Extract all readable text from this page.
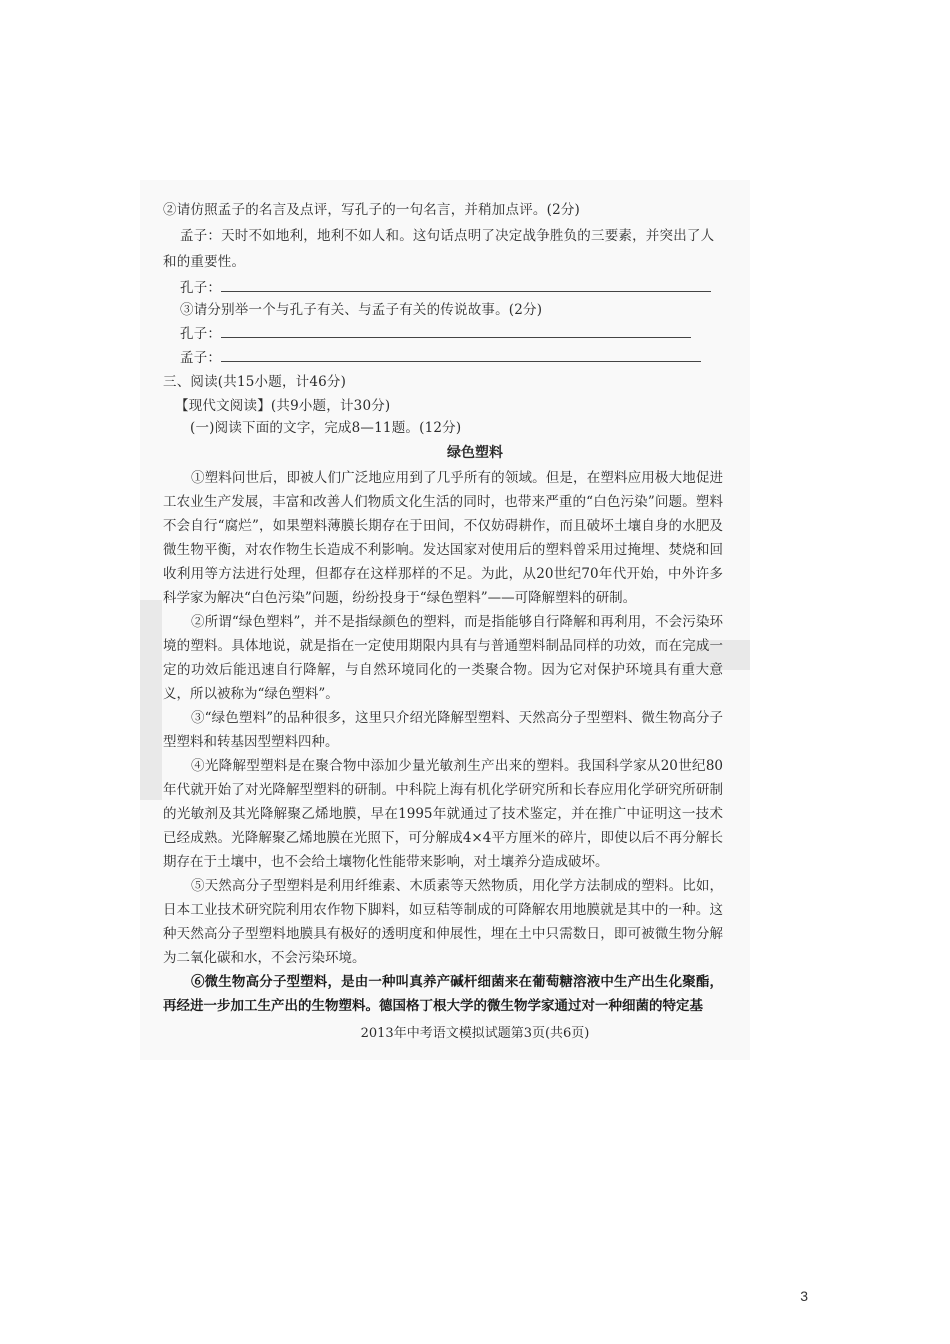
②请仿照孟子的名言及点评，写孔子的一句名言，并稍加点评。(2分)
孟子：天时不如地利，地利不如人和。这句话点明了决定战争胜负的三要素，并突出了人
和的重要性。
孔子：
③请分别举一个与孔子有关、与孟子有关的传说故事。(2分)
孔子：
孟子：
三、阅读(共15小题，计46分)
【现代文阅读】(共9小题，计30分)
(一)阅读下面的文字，完成8—11题。(12分)
绿色塑料
①塑料问世后，即被人们广泛地应用到了几乎所有的领域。但是，在塑料应用极大地促进工农业生产发展，丰富和改善人们物质文化生活的同时，也带来严重的“白色污染”问题。塑料不会自行“腐烂”，如果塑料薄膜长期存在于田间，不仅妨碍耕作，而且破坏土壤自身的水肥及微生物平衡，对农作物生长造成不利影响。发达国家对使用后的塑料曾采用过掩埋、焚烧和回收利用等方法进行处理，但都存在这样那样的不足。为此，从20世纪70年代开始，中外许多科学家为解决“白色污染”问题，纷纷投身于“绿色塑料”——可降解塑料的研制。
②所谓“绿色塑料”，并不是指绿颜色的塑料，而是指能够自行降解和再利用，不会污染环境的塑料。具体地说，就是指在一定使用期限内具有与普通塑料制品同样的功效，而在完成一定的功效后能迅速自行降解，与自然环境同化的一类聚合物。因为它对保护环境具有重大意义，所以被称为“绿色塑料”。
③“绿色塑料”的品种很多，这里只介绍光降解型塑料、天然高分子型塑料、微生物高分子型塑料和转基因型塑料四种。
④光降解型塑料是在聚合物中添加少量光敏剂生产出来的塑料。我国科学家从20世纪80年代就开始了对光降解型塑料的研制。中科院上海有机化学研究所和长春应用化学研究所研制的光敏剂及其光降解聚乙烯地膜，早在1995年就通过了技术鉴定，并在推广中证明这一技术已经成熟。光降解聚乙烯地膜在光照下，可分解成4×4平方厘米的碎片，即使以后不再分解长期存在于土壤中，也不会给土壤物化性能带来影响，对土壤养分造成破坏。
⑤天然高分子型塑料是利用纤维素、木质素等天然物质，用化学方法制成的塑料。比如，日本工业技术研究院利用农作物下脚料，如豆秸等制成的可降解农用地膜就是其中的一种。这种天然高分子型塑料地膜具有极好的透明度和伸展性，埋在土中只需数日，即可被微生物分解为二氧化碳和水，不会污染环境。
⑥微生物高分子型塑料，是由一种叫真养产碱杆细菌来在葡萄糖溶液中生产出生化聚酯，再经进一步加工生产出的生物塑料。德国格丁根大学的微生物学家通过对一种细菌的特定基
2013年中考语文模拟试题第3页(共6页)
3
